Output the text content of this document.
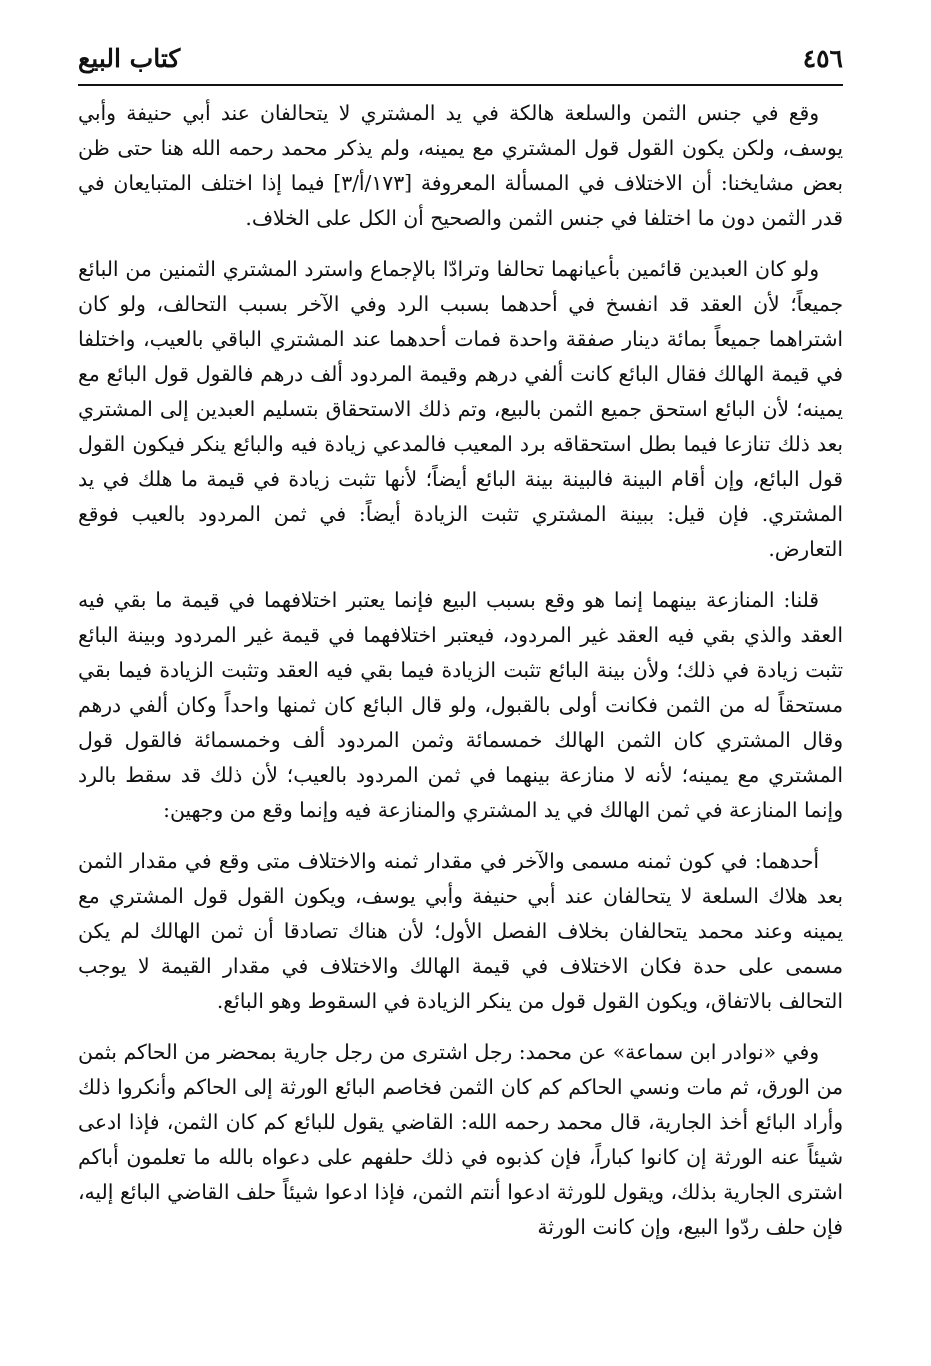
٤٥٦
كتاب البيع

وقع في جنس الثمن والسلعة هالكة في يد المشتري لا يتحالفان عند أبي حنيفة وأبي يوسف، ولكن يكون القول قول المشتري مع يمينه، ولم يذكر محمد رحمه الله هنا حتى ظن بعض مشايخنا: أن الاختلاف في المسألة المعروفة [١٧٣/أ/٣] فيما إذا اختلف المتبايعان في قدر الثمن دون ما اختلفا في جنس الثمن والصحيح أن الكل على الخلاف.

ولو كان العبدين قائمين بأعيانهما تحالفا وترادّا بالإجماع واسترد المشتري الثمنين من البائع جميعاً؛ لأن العقد قد انفسخ في أحدهما بسبب الرد وفي الآخر بسبب التحالف، ولو كان اشتراهما جميعاً بمائة دينار صفقة واحدة فمات أحدهما عند المشتري الباقي بالعيب، واختلفا في قيمة الهالك فقال البائع كانت ألفي درهم وقيمة المردود ألف درهم فالقول قول البائع مع يمينه؛ لأن البائع استحق جميع الثمن بالبيع، وتم ذلك الاستحقاق بتسليم العبدين إلى المشتري بعد ذلك تنازعا فيما بطل استحقاقه برد المعيب فالمدعي زيادة فيه والبائع ينكر فيكون القول قول البائع، وإن أقام البينة فالبينة بينة البائع أيضاً؛ لأنها تثبت زيادة في قيمة ما هلك في يد المشتري. فإن قيل: ببينة المشتري تثبت الزيادة أيضاً: في ثمن المردود بالعيب فوقع التعارض.

قلنا: المنازعة بينهما إنما هو وقع بسبب البيع فإنما يعتبر اختلافهما في قيمة ما بقي فيه العقد والذي بقي فيه العقد غير المردود، فيعتبر اختلافهما في قيمة غير المردود وبينة البائع تثبت زيادة في ذلك؛ ولأن بينة البائع تثبت الزيادة فيما بقي فيه العقد وتثبت الزيادة فيما بقي مستحقاً له من الثمن فكانت أولى بالقبول، ولو قال البائع كان ثمنها واحداً وكان ألفي درهم وقال المشتري كان الثمن الهالك خمسمائة وثمن المردود ألف وخمسمائة فالقول قول المشتري مع يمينه؛ لأنه لا منازعة بينهما في ثمن المردود بالعيب؛ لأن ذلك قد سقط بالرد وإنما المنازعة في ثمن الهالك في يد المشتري والمنازعة فيه وإنما وقع من وجهين:

أحدهما: في كون ثمنه مسمى والآخر في مقدار ثمنه والاختلاف متى وقع في مقدار الثمن بعد هلاك السلعة لا يتحالفان عند أبي حنيفة وأبي يوسف، ويكون القول قول المشتري مع يمينه وعند محمد يتحالفان بخلاف الفصل الأول؛ لأن هناك تصادقا أن ثمن الهالك لم يكن مسمى على حدة فكان الاختلاف في قيمة الهالك والاختلاف في مقدار القيمة لا يوجب التحالف بالاتفاق، ويكون القول قول من ينكر الزيادة في السقوط وهو البائع.

وفي «نوادر ابن سماعة» عن محمد: رجل اشترى من رجل جارية بمحضر من الحاكم بثمن من الورق، ثم مات ونسي الحاكم كم كان الثمن فخاصم البائع الورثة إلى الحاكم وأنكروا ذلك وأراد البائع أخذ الجارية، قال محمد رحمه الله: القاضي يقول للبائع كم كان الثمن، فإذا ادعى شيئاً عنه الورثة إن كانوا كباراً، فإن كذبوه في ذلك حلفهم على دعواه بالله ما تعلمون أباكم اشترى الجارية بذلك، ويقول للورثة ادعوا أنتم الثمن، فإذا ادعوا شيئاً حلف القاضي البائع إليه، فإن حلف ردّوا البيع، وإن كانت الورثة
